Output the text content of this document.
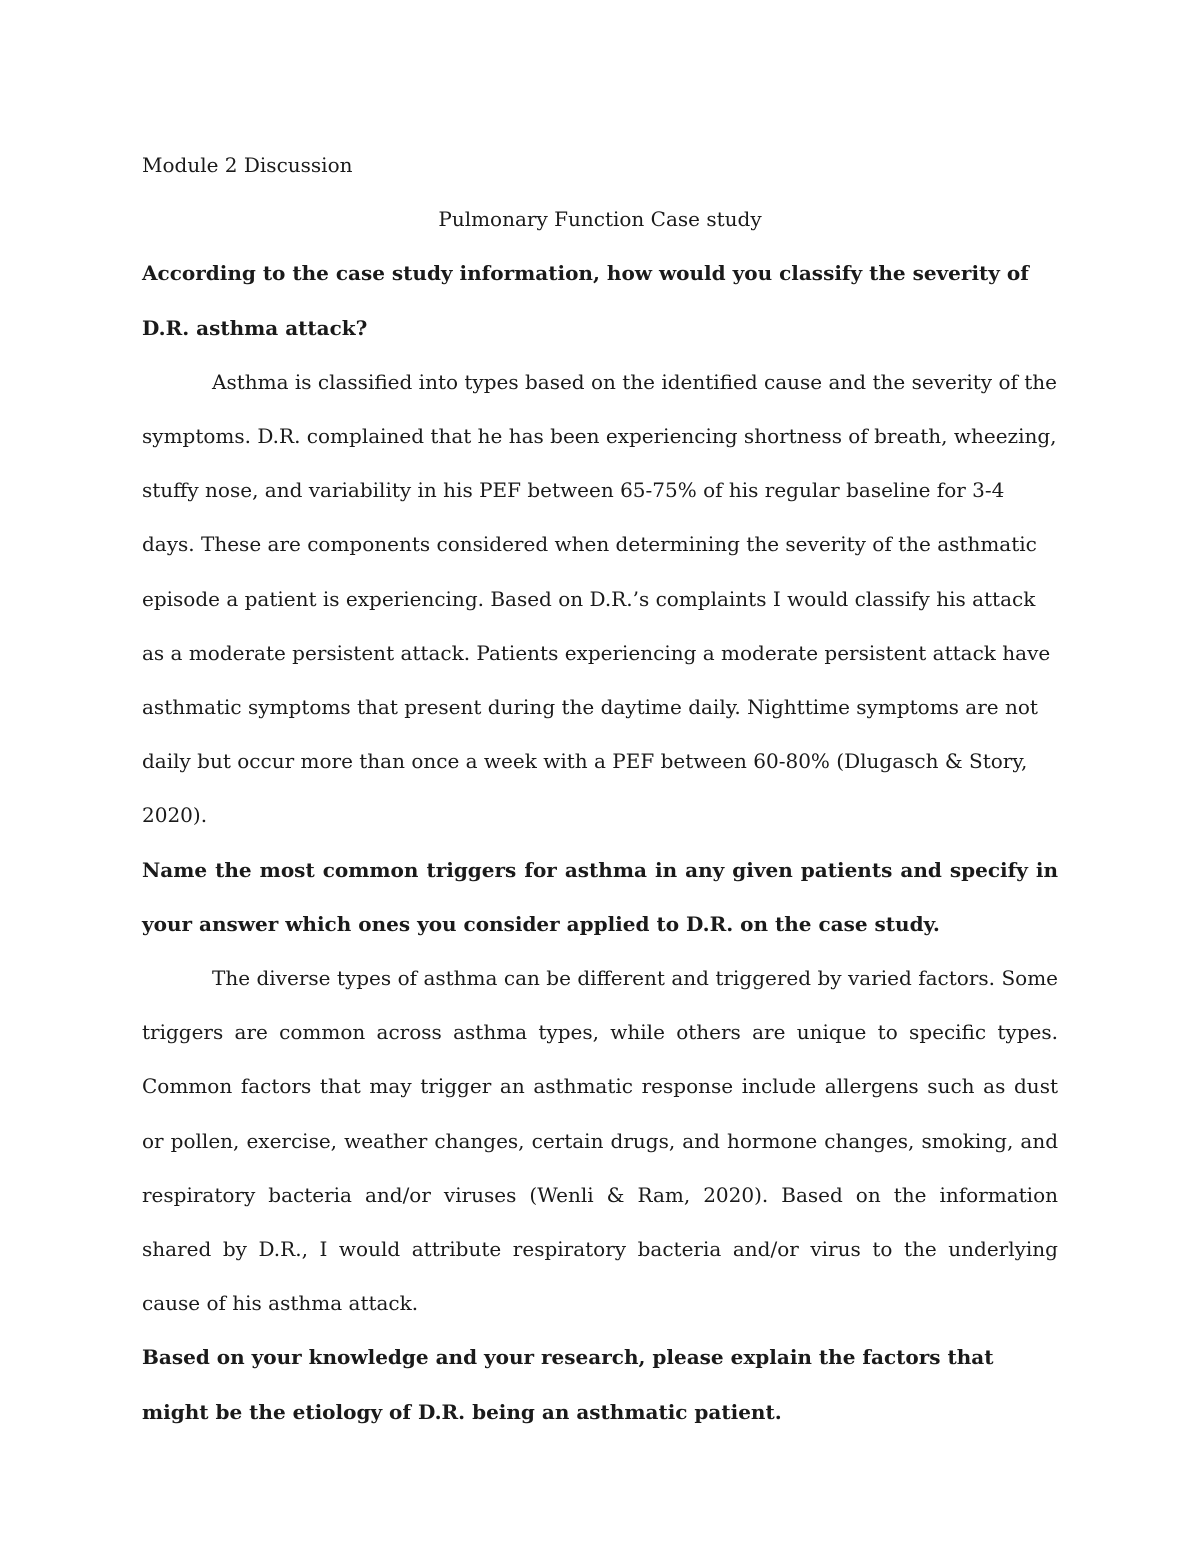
Module 2 Discussion

Pulmonary Function Case study

According to the case study information, how would you classify the severity of D.R. asthma attack?

Asthma is classified into types based on the identified cause and the severity of the symptoms. D.R. complained that he has been experiencing shortness of breath, wheezing, stuffy nose, and variability in his PEF between 65-75% of his regular baseline for 3-4 days. These are components considered when determining the severity of the asthmatic episode a patient is experiencing. Based on D.R.’s complaints I would classify his attack as a moderate persistent attack. Patients experiencing a moderate persistent attack have asthmatic symptoms that present during the daytime daily. Nighttime symptoms are not daily but occur more than once a week with a PEF between 60-80% (Dlugasch & Story, 2020).

Name the most common triggers for asthma in any given patients and specify in your answer which ones you consider applied to D.R. on the case study.

The diverse types of asthma can be different and triggered by varied factors. Some triggers are common across asthma types, while others are unique to specific types. Common factors that may trigger an asthmatic response include allergens such as dust or pollen, exercise, weather changes, certain drugs, and hormone changes, smoking, and respiratory bacteria and/or viruses (Wenli & Ram, 2020). Based on the information shared by D.R., I would attribute respiratory bacteria and/or virus to the underlying cause of his asthma attack.

Based on your knowledge and your research, please explain the factors that might be the etiology of D.R. being an asthmatic patient.
